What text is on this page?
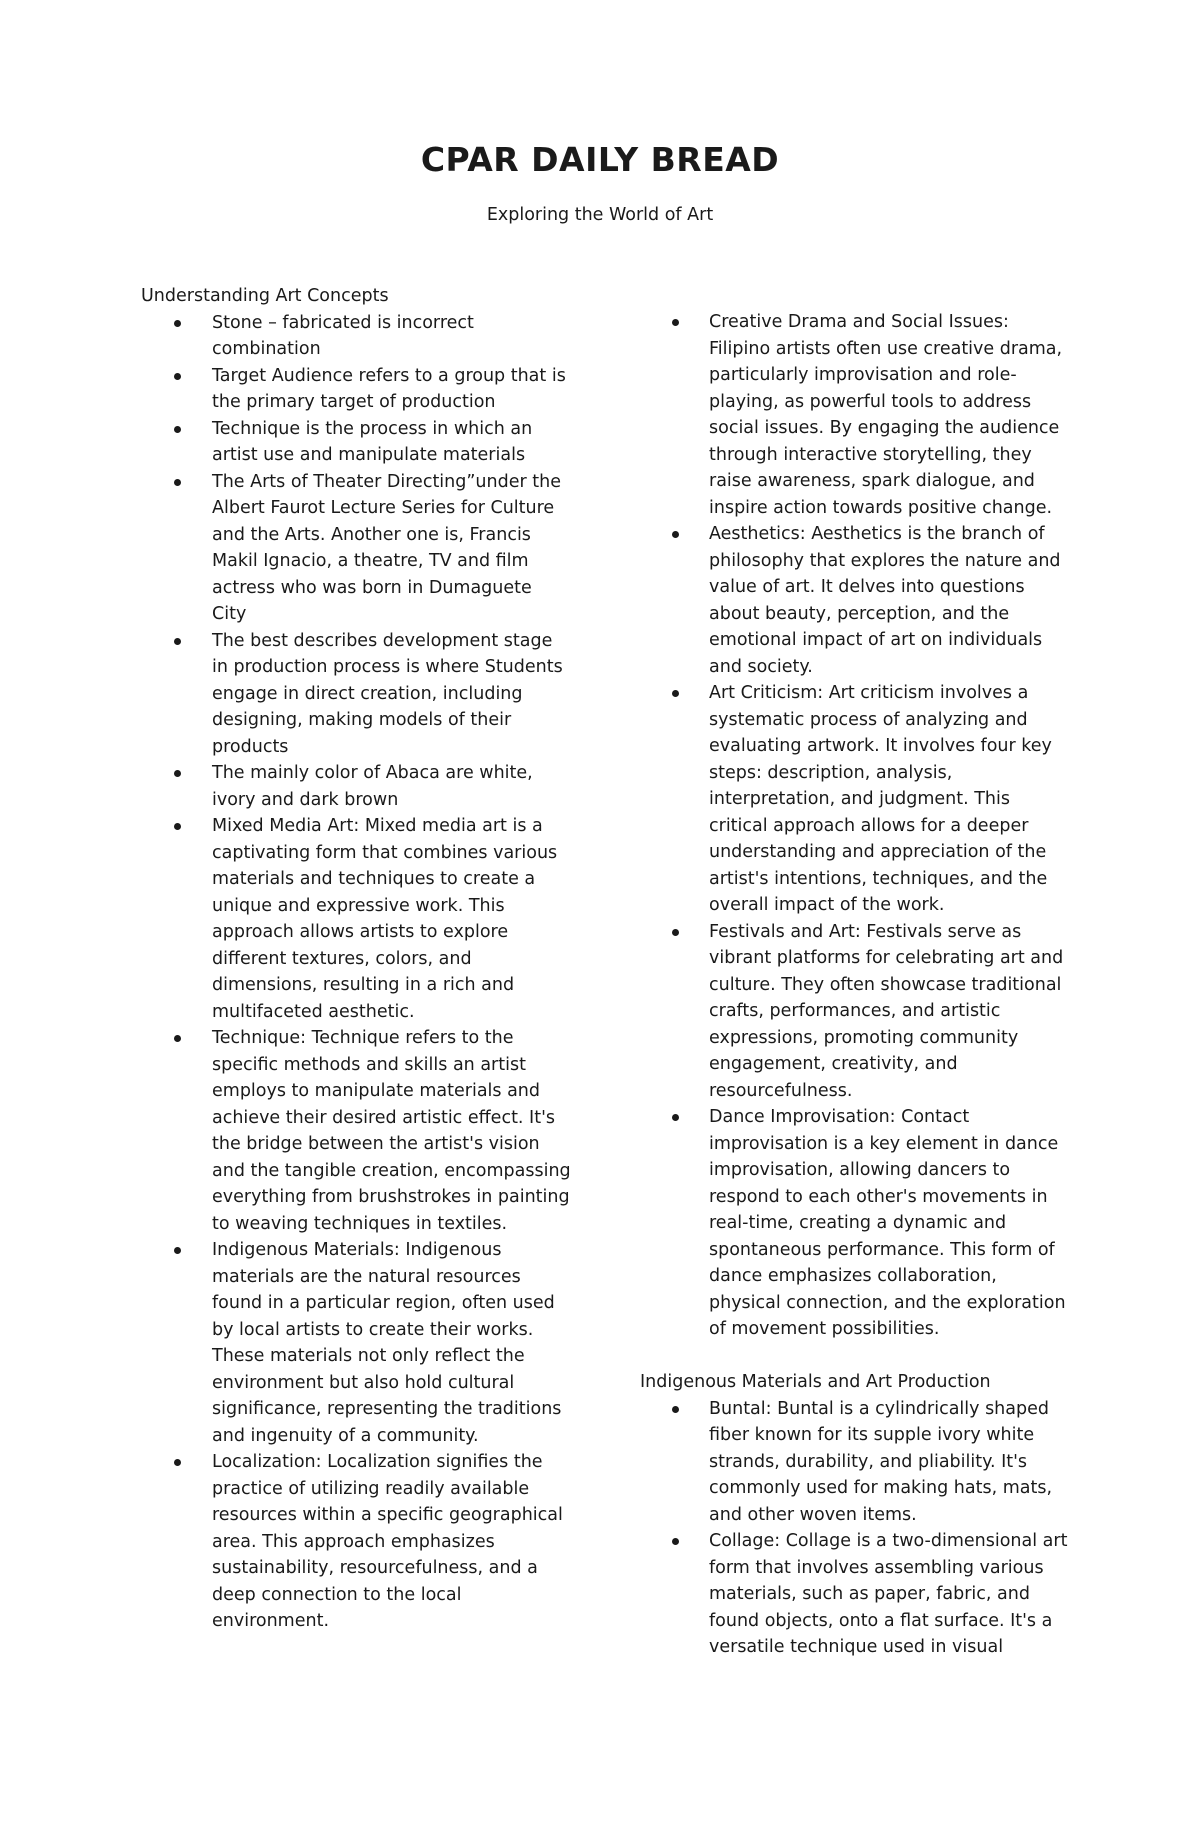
CPAR DAILY BREAD

Exploring the World of Art

Understanding Art Concepts

Stone – fabricated is incorrect combination
Target Audience refers to a group that is the primary target of production
Technique is the process in which an artist use and manipulate materials
The Arts of Theater Directing”under the Albert Faurot Lecture Series for Culture and the Arts. Another one is, Francis Makil Ignacio, a theatre, TV and film actress who was born in Dumaguete City
The best describes development stage in production process is where Students engage in direct creation, including designing, making models of their products
The mainly color of Abaca are white, ivory and dark brown
Mixed Media Art: Mixed media art is a captivating form that combines various materials and techniques to create a unique and expressive work. This approach allows artists to explore different textures, colors, and dimensions, resulting in a rich and multifaceted aesthetic.
Technique: Technique refers to the specific methods and skills an artist employs to manipulate materials and achieve their desired artistic effect. It's the bridge between the artist's vision and the tangible creation, encompassing everything from brushstrokes in painting to weaving techniques in textiles.
Indigenous Materials: Indigenous materials are the natural resources found in a particular region, often used by local artists to create their works. These materials not only reflect the environment but also hold cultural significance, representing the traditions and ingenuity of a community.
Localization: Localization signifies the practice of utilizing readily available resources within a specific geographical area. This approach emphasizes sustainability, resourcefulness, and a deep connection to the local environment.
Creative Drama and Social Issues: Filipino artists often use creative drama, particularly improvisation and role-playing, as powerful tools to address social issues. By engaging the audience through interactive storytelling, they raise awareness, spark dialogue, and inspire action towards positive change.
Aesthetics: Aesthetics is the branch of philosophy that explores the nature and value of art. It delves into questions about beauty, perception, and the emotional impact of art on individuals and society.
Art Criticism: Art criticism involves a systematic process of analyzing and evaluating artwork. It involves four key steps: description, analysis, interpretation, and judgment. This critical approach allows for a deeper understanding and appreciation of the artist's intentions, techniques, and the overall impact of the work.
Festivals and Art: Festivals serve as vibrant platforms for celebrating art and culture. They often showcase traditional crafts, performances, and artistic expressions, promoting community engagement, creativity, and resourcefulness.
Dance Improvisation: Contact improvisation is a key element in dance improvisation, allowing dancers to respond to each other's movements in real-time, creating a dynamic and spontaneous performance. This form of dance emphasizes collaboration, physical connection, and the exploration of movement possibilities.

Indigenous Materials and Art Production

Buntal: Buntal is a cylindrically shaped fiber known for its supple ivory white strands, durability, and pliability. It's commonly used for making hats, mats, and other woven items.
Collage: Collage is a two-dimensional art form that involves assembling various materials, such as paper, fabric, and found objects, onto a flat surface. It's a versatile technique used in visual
